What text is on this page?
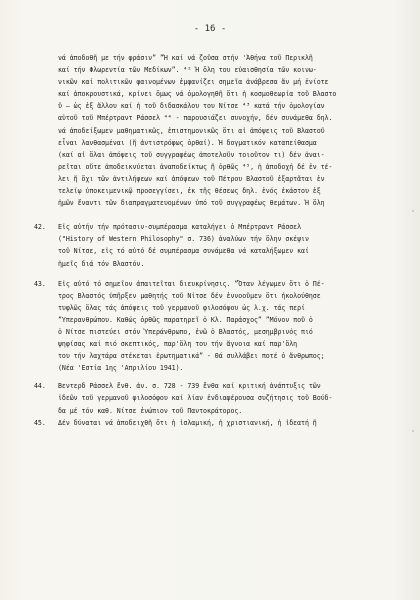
- 16 -
νά ἀποδοθῆ με τήν φράσιν” ”Ἡ καί νά ζοῦσα στήν 'Ἀθήνα τοῦ Περικλῆ
καί τήν Φλωρεντία τῶν Μεδίκων”. ⁴² Ἡ ὅλη του εὐαισθησία τῶν κοινω-
νικῶν καί πολιτικῶν φαινομένων ἐμφανίζει σημεῖα ἀνάβρεσα ἄν μή ἐνίοτε
καί ἀποκρουστικά, κρίνει ὅμως νά ὁμολογηθῆ ὅτι ἡ κοσμοθεωρία τοῦ Βλαστο
ῦ – ὡς ἐξ ἄλλου καί ἡ τοῦ διδασκάλου του Νίτσε ⁴³ κατά τήν ὁμολογίαν
αὐτοῦ τοῦ Μπέρτραντ Ράσσελ ⁴⁴ - παρουσιάζει συνοχήν, δέν συνάμεθα δηλ.
νά ἀποδείξωμεν μαθηματικῶς, ἐπιστημονικῶς ὅτι αἱ ἀπόψεις τοῦ Βλαστοῦ
εἶναι λανθασμέναι (ἤ ἀντιστρόφως ὀρθαί). Ἡ δογματικόν καταπείθασμα
(καί αἱ ὅλαι ἀπόψεις τοῦ συγγραφέως ἀποτελοῦν τοιοῦτον τι) δέν ἀναι-
ρεῖται οὔτε ἀποδεικνύεται ἀναποδείκτως ἤ ὀρθῶς ⁴⁵, ἡ ἀποδοχή δέ ἐν τέ-
λει ἤ ὄχι τῶν ἀντιλήψεων καί ἀπόψεων τοῦ Πέτρου Βλαστοῦ ἐξαρτᾶται ἐν
τελείῳ ὑποκειμενικῷ προσεγγίσει, ἐκ τῆς θέσεως δηλ. ἑνός ἑκάστου ἐξ
ἡμῶν ἔναντι τῶν διαπραγματευομένων ὑπό τοῦ συγγραφέως θεμάτων. Ἡ ὅλη
42. Εἰς αὐτήν τήν πρότασιν-συμπέρασμα καταλήγει ὁ Μπέρτραντ Ράσσελ
("History of Western Philosophy" σ. 736) ἀναλύων τήν ὅλην σκέψιν
τοῦ Νίτσε, εἰς τό αὐτό δέ συμπέρασμα συνάμεθα νά καταλήξωμεν καί
ἡμεῖς διά τόν Βλαστόν.
43. Εἰς αὐτό τό σημεῖον ἀπαιτεῖται διευκρίνησις. ”Ὅταν λέγωμεν ὅτι ὁ Πέ-
τρος Βλαστός ὑπῆρξεν μαθητής τοῦ Νίτσε δέν ἐννοοῦμεν ὅτι ἠκολούθησε
τυφλῶς ὅλας τάς ἀπόψεις τοῦ γερμανοῦ φιλοσόφου ὡς λ.χ. τάς περί
”Υπερανθρώπου. Καθώς ὀρθῶς παρατηρεῖ ὁ Κλ. Παράσχος” ”Μόνον ποῦ ὁ
ὁ Νίτσε πιστεύει στόν Ὑπεράνθρωπο, ἐνῶ ὁ Βλαστός, μεσημβρινός πιό
ψηφίσας καί πιό σκεπτικός, παρ'ὅλη του τήν ἄγνοια καί παρ'ὅλη
του τήν λαχτάρα στέκεται ἐρωτηματικά” - Θά συλλάβει ποτέ ὁ ἄνθρωπος;
(Νέα 'Εστία 1ης 'Απριλίου 1941).
44. Βεντερδ Ράσσελ ἔνθ. ἀν. σ. 728 - 739 ἔνθα καί κριτική ἀνάπτυξις τῶν
ἰδεῶν τοῦ γερμανοῦ φιλοσόφου καί λίαν ἐνδιαφέρουσα συζήτησις τοῦ Βούδ-
δα μέ τόν καθ. Νίτσε ἐνώπιον τοῦ Παντοκράτορος.
45. Δέν δύναται νά ἀποδειχθῆ ὅτι ἡ ἰσλαμική, ἡ χριστιανική, ἡ ἰδεατή ἤ
